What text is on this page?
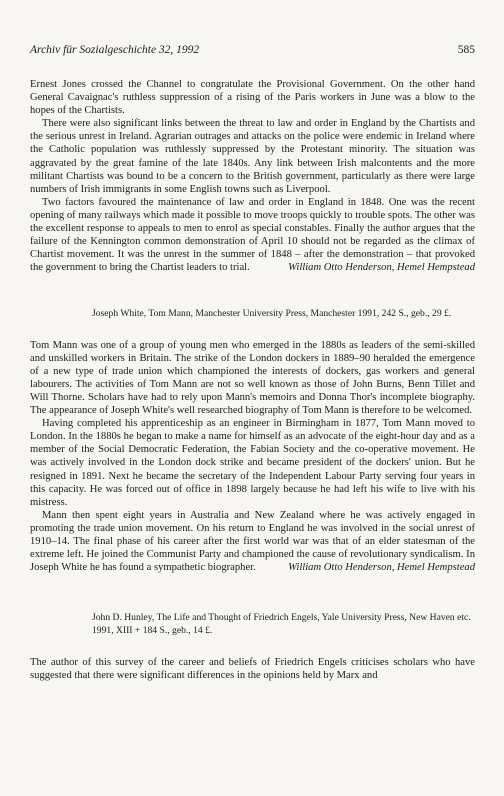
Archiv für Sozialgeschichte 32, 1992	585

Ernest Jones crossed the Channel to congratulate the Provisional Government. On the other hand General Cavaignac's ruthless suppression of a rising of the Paris workers in June was a blow to the hopes of the Chartists.

There were also significant links between the threat to law and order in England by the Chartists and the serious unrest in Ireland. Agrarian outrages and attacks on the police were endemic in Ireland where the Catholic population was ruthlessly suppressed by the Protestant minority. The situation was aggravated by the great famine of the late 1840s. Any link between Irish malcontents and the more militant Chartists was bound to be a concern to the British government, particularly as there were large numbers of Irish immigrants in some English towns such as Liverpool.

Two factors favoured the maintenance of law and order in England in 1848. One was the recent opening of many railways which made it possible to move troops quickly to trouble spots. The other was the excellent response to appeals to men to enrol as special constables. Finally the author argues that the failure of the Kennington common demonstration of April 10 should not be regarded as the climax of Chartist movement. It was the unrest in the summer of 1848 – after the demonstration – that provoked the government to bring the Chartist leaders to trial.	William Otto Henderson, Hemel Hempstead

Joseph White, Tom Mann, Manchester University Press, Manchester 1991, 242 S., geb., 29 £.

Tom Mann was one of a group of young men who emerged in the 1880s as leaders of the semi-skilled and unskilled workers in Britain. The strike of the London dockers in 1889–90 heralded the emergence of a new type of trade union which championed the interests of dockers, gas workers and general labourers. The activities of Tom Mann are not so well known as those of John Burns, Benn Tillet and Will Thorne. Scholars have had to rely upon Mann's memoirs and Donna Thor's incomplete biography. The appearance of Joseph White's well researched biography of Tom Mann is therefore to be welcomed.

Having completed his apprenticeship as an engineer in Birmingham in 1877, Tom Mann moved to London. In the 1880s he began to make a name for himself as an advocate of the eight-hour day and as a member of the Social Democratic Federation, the Fabian Society and the co-operative movement. He was actively involved in the London dock strike and became president of the dockers' union. But he resigned in 1891. Next he became the secretary of the Independent Labour Party serving four years in this capacity. He was forced out of office in 1898 largely because he had left his wife to live with his mistress.

Mann then spent eight years in Australia and New Zealand where he was actively engaged in promoting the trade union movement. On his return to England he was involved in the social unrest of 1910–14. The final phase of his career after the first world war was that of an elder statesman of the extreme left. He joined the Communist Party and championed the cause of revolutionary syndicalism. In Joseph White he has found a sympathetic biographer.	William Otto Henderson, Hemel Hempstead

John D. Hunley, The Life and Thought of Friedrich Engels, Yale University Press, New Haven etc. 1991, XIII + 184 S., geb., 14 £.

The author of this survey of the career and beliefs of Friedrich Engels criticises scholars who have suggested that there were significant differences in the opinions held by Marx and
